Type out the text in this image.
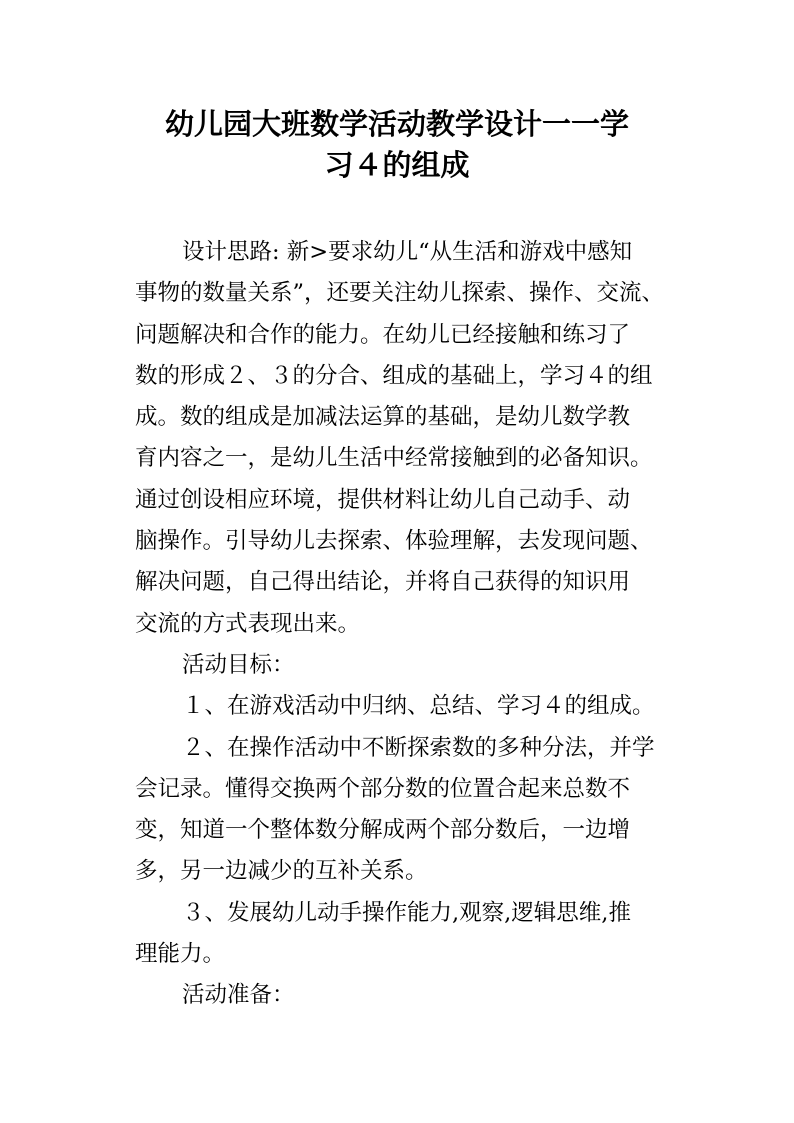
幼儿园大班数学活动教学设计一一学
习４的组成
设计思路: 新>要求幼儿“从生活和游戏中感知
事物的数量关系”，还要关注幼儿探索、操作、交流、
问题解决和合作的能力。在幼儿已经接触和练习了
数的形成２、３的分合、组成的基础上，学习４的组
成。数的组成是加减法运算的基础，是幼儿数学教
育内容之一，是幼儿生活中经常接触到的必备知识。
通过创设相应环境，提供材料让幼儿自己动手、动
脑操作。引导幼儿去探索、体验理解，去发现问题、
解决问题，自己得出结论，并将自己获得的知识用
交流的方式表现出来。
活动目标：
１、在游戏活动中归纳、总结、学习４的组成。
２、在操作活动中不断探索数的多种分法，并学
会记录。懂得交换两个部分数的位置合起来总数不
变，知道一个整体数分解成两个部分数后，一边增
多，另一边减少的互补关系。
３、发展幼儿动手操作能力,观察,逻辑思维,推
理能力。
活动准备：
